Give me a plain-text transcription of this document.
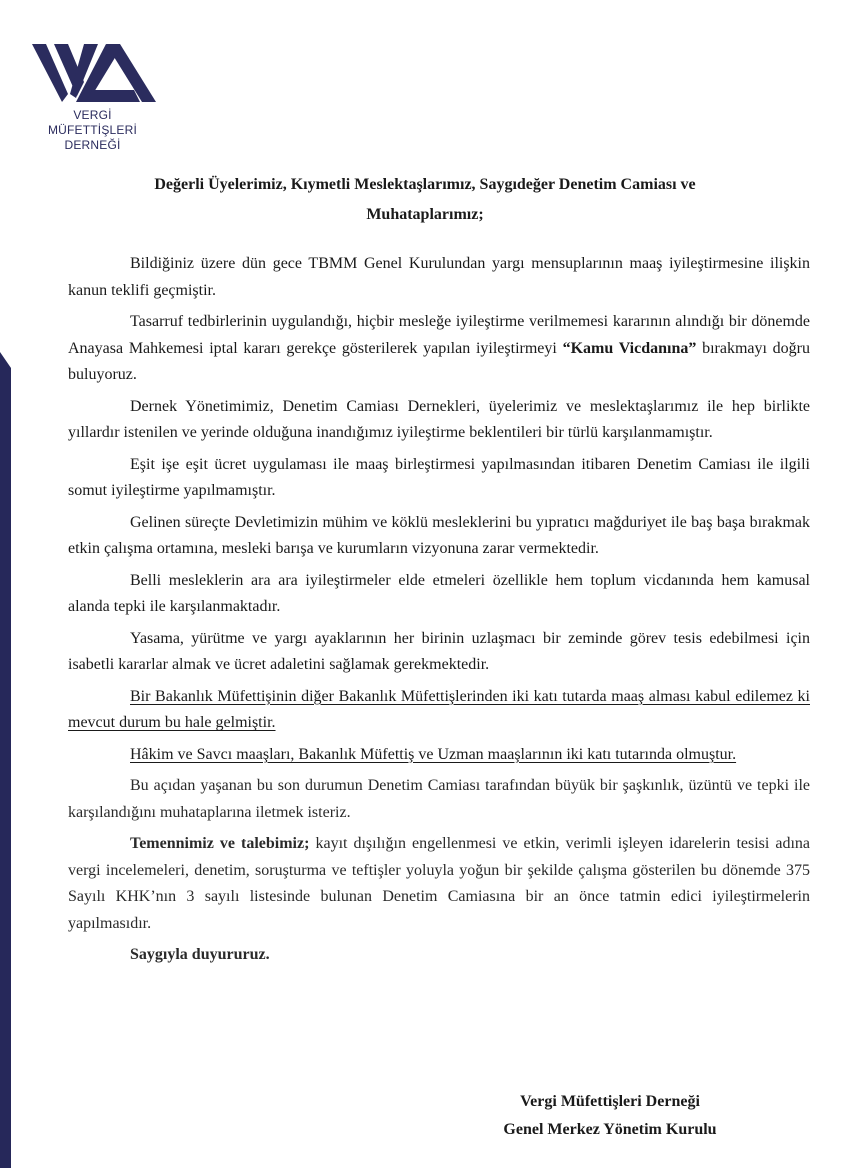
VERGİ MÜFETTİŞLERİ
DERNEĞİ
Değerli Üyelerimiz, Kıymetli Meslektaşlarımız, Saygıdeğer Denetim Camiası ve
Muhataplarımız;

Bildiğiniz üzere dün gece TBMM Genel Kurulundan yargı mensuplarının maaş iyileştirmesine ilişkin kanun teklifi geçmiştir.

Tasarruf tedbirlerinin uygulandığı, hiçbir mesleğe iyileştirme verilmemesi kararının alındığı bir dönemde Anayasa Mahkemesi iptal kararı gerekçe gösterilerek yapılan iyileştirmeyi “Kamu Vicdanına” bırakmayı doğru buluyoruz.

Dernek Yönetimimiz, Denetim Camiası Dernekleri, üyelerimiz ve meslektaşlarımız ile hep birlikte yıllardır istenilen ve yerinde olduğuna inandığımız iyileştirme beklentileri bir türlü karşılanmamıştır.

Eşit işe eşit ücret uygulaması ile maaş birleştirmesi yapılmasından itibaren Denetim Camiası ile ilgili somut iyileştirme yapılmamıştır.

Gelinen süreçte Devletimizin mühim ve köklü mesleklerini bu yıpratıcı mağduriyet ile baş başa bırakmak etkin çalışma ortamına, mesleki barışa ve kurumların vizyonuna zarar vermektedir.

Belli mesleklerin ara ara iyileştirmeler elde etmeleri özellikle hem toplum vicdanında hem kamusal alanda tepki ile karşılanmaktadır.

Yasama, yürütme ve yargı ayaklarının her birinin uzlaşmacı bir zeminde görev tesis edebilmesi için isabetli kararlar almak ve ücret adaletini sağlamak gerekmektedir.

Bir Bakanlık Müfettişinin diğer Bakanlık Müfettişlerinden iki katı tutarda maaş alması kabul edilemez ki mevcut durum bu hale gelmiştir.

Hâkim ve Savcı maaşları, Bakanlık Müfettiş ve Uzman maaşlarının iki katı tutarında olmuştur.

Bu açıdan yaşanan bu son durumun Denetim Camiası tarafından büyük bir şaşkınlık, üzüntü ve tepki ile karşılandığını muhataplarına iletmek isteriz.

Temennimiz ve talebimiz; kayıt dışılığın engellenmesi ve etkin, verimli işleyen idarelerin tesisi adına vergi incelemeleri, denetim, soruşturma ve teftişler yoluyla yoğun bir şekilde çalışma gösterilen bu dönemde 375 Sayılı KHK’nın 3 sayılı listesinde bulunan Denetim Camiasına bir an önce tatmin edici iyileştirmelerin yapılmasıdır.

Saygıyla duyururuz.

Vergi Müfettişleri Derneği
Genel Merkez Yönetim Kurulu
